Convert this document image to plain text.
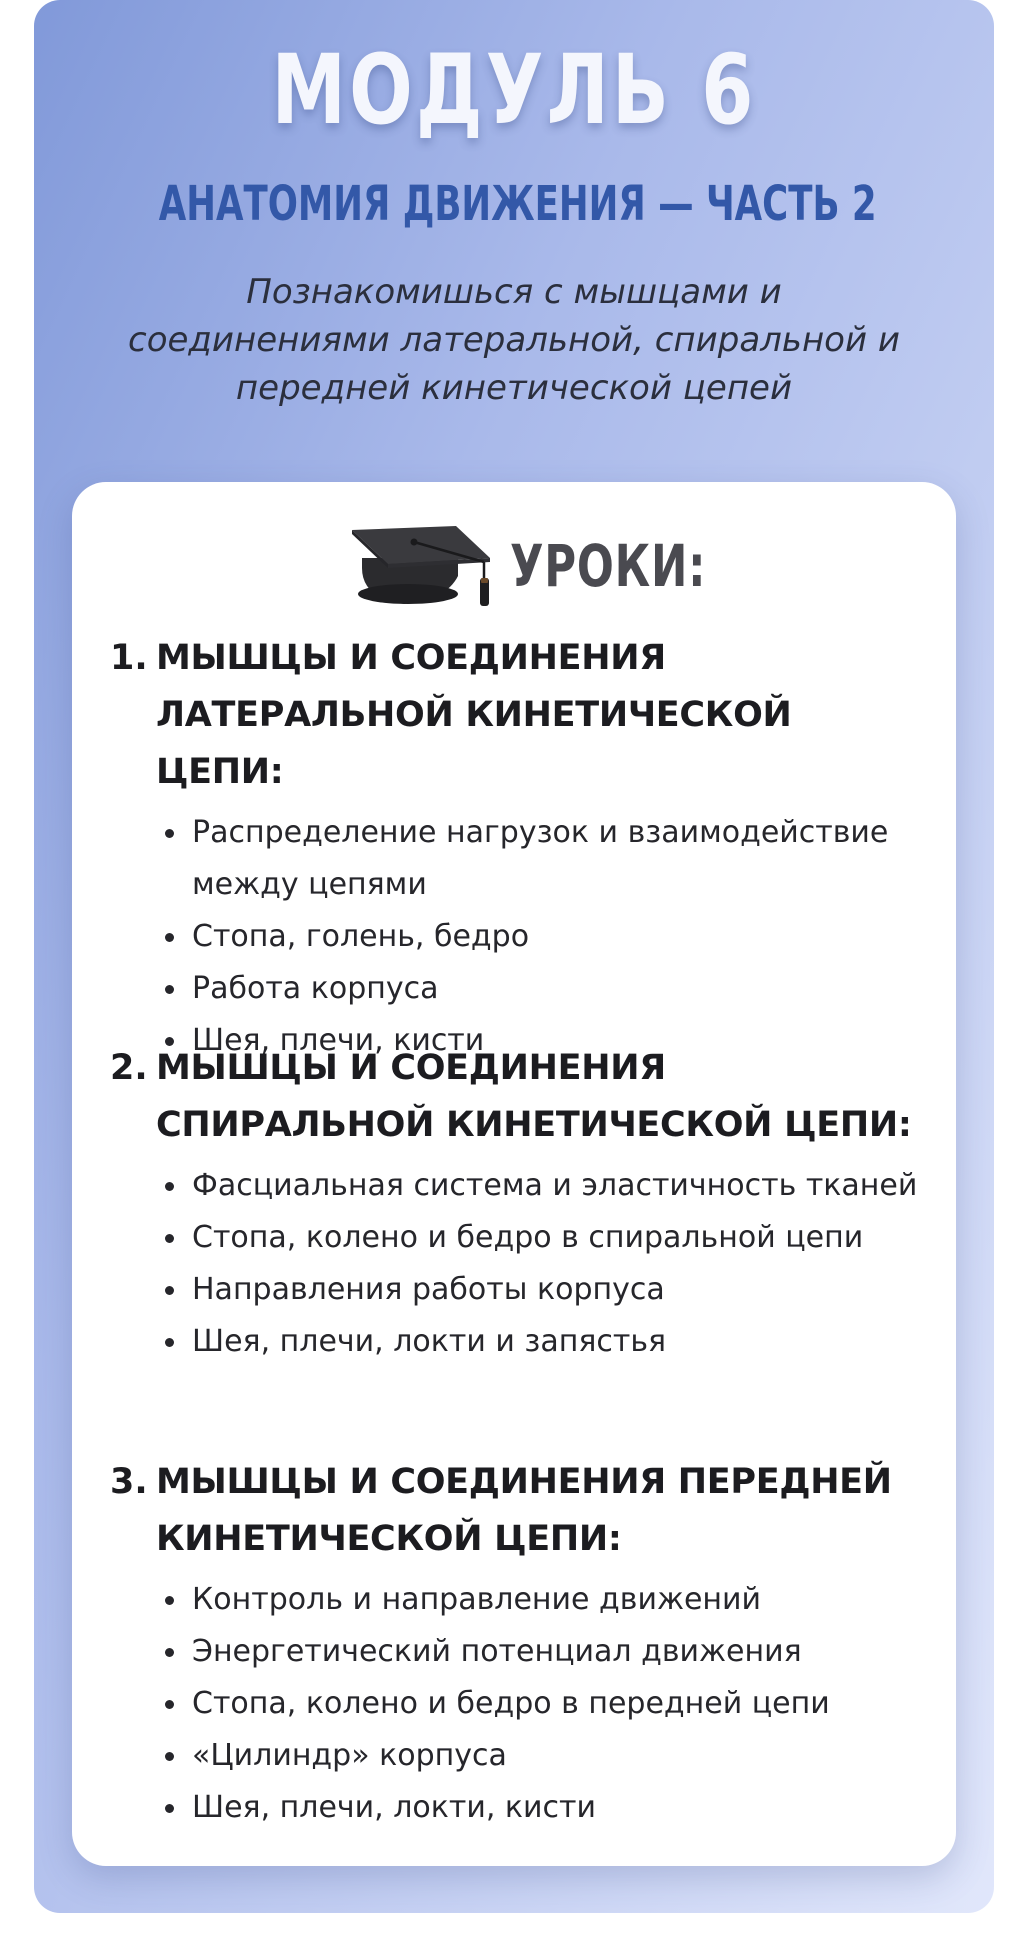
МОДУЛЬ 6
АНАТОМИЯ ДВИЖЕНИЯ — ЧАСТЬ 2
Познакомишься с мышцами и соединениями латеральной, спиральной и передней кинетической цепей
УРОКИ:
1. МЫШЦЫ И СОЕДИНЕНИЯ ЛАТЕРАЛЬНОЙ КИНЕТИЧЕСКОЙ ЦЕПИ:
Распределение нагрузок и взаимодействие между цепями
Стопа, голень, бедро
Работа корпуса
Шея, плечи, кисти
2. МЫШЦЫ И СОЕДИНЕНИЯ СПИРАЛЬНОЙ КИНЕТИЧЕСКОЙ ЦЕПИ:
Фасциальная система и эластичность тканей
Стопа, колено и бедро в спиральной цепи
Направления работы корпуса
Шея, плечи, локти и запястья
3. МЫШЦЫ И СОЕДИНЕНИЯ ПЕРЕДНЕЙ КИНЕТИЧЕСКОЙ ЦЕПИ:
Контроль и направление движений
Энергетический потенциал движения
Стопа, колено и бедро в передней цепи
«Цилиндр» корпуса
Шея, плечи, локти, кисти
